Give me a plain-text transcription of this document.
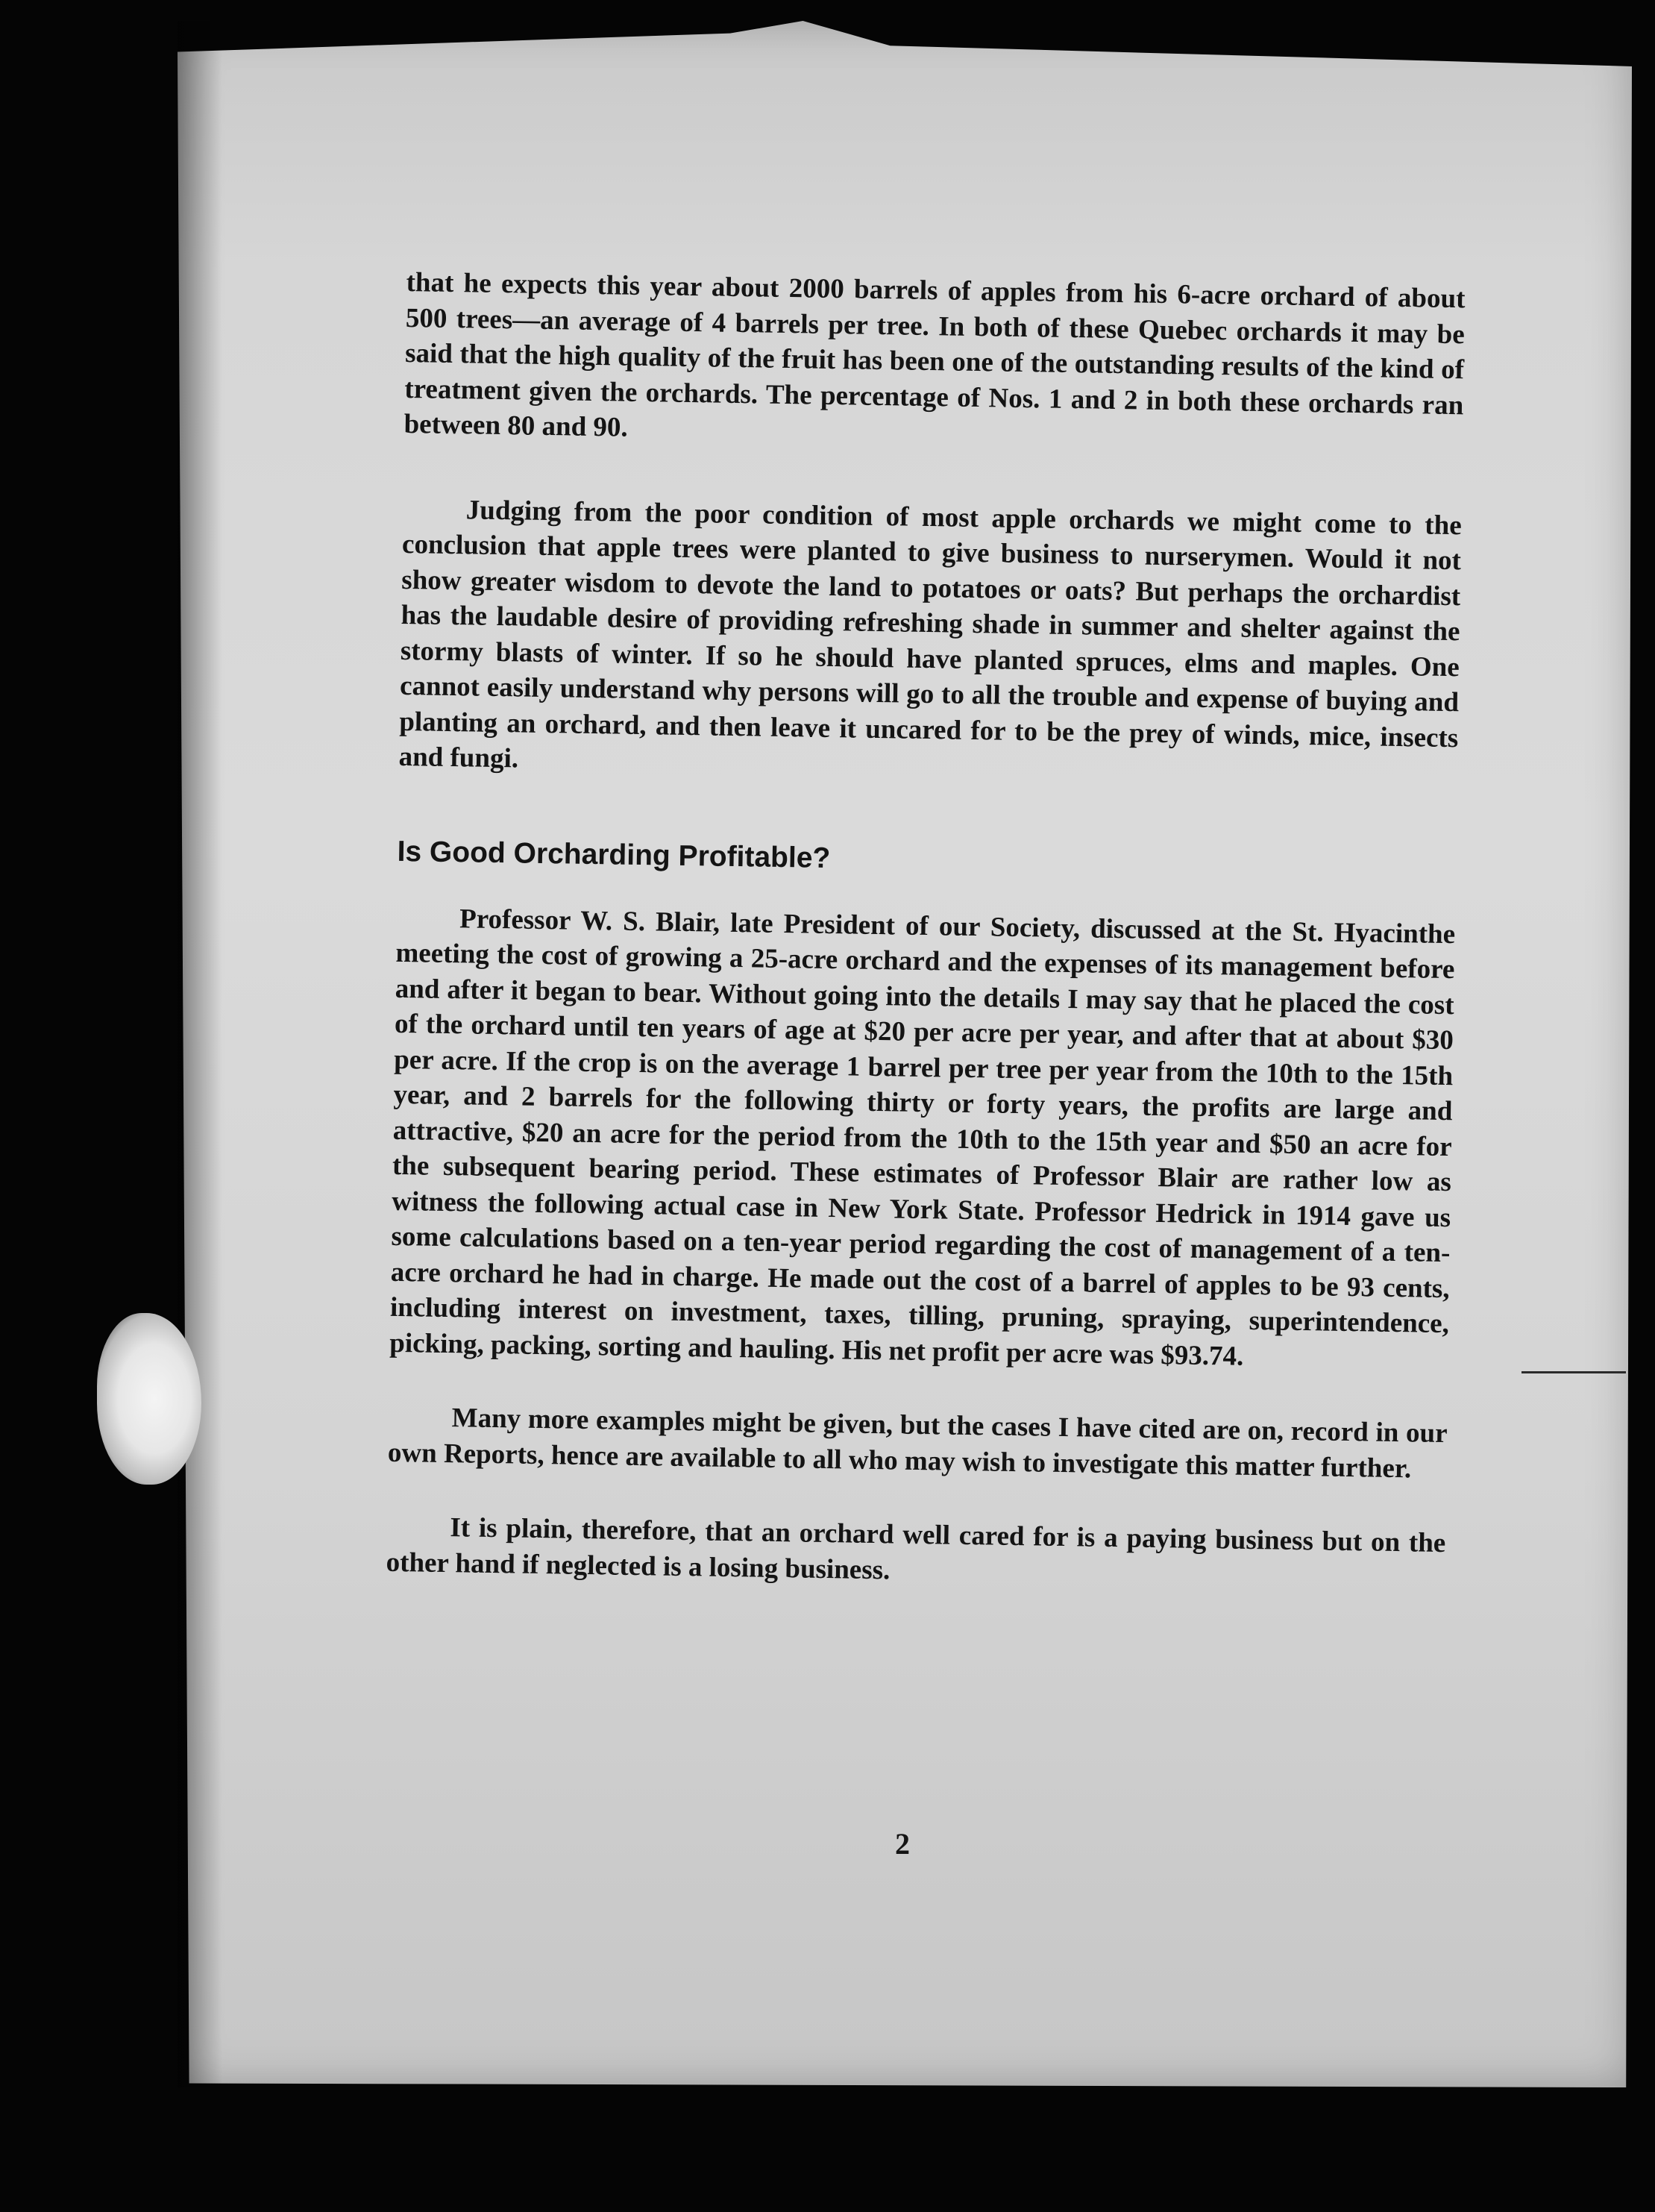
that he expects this year about 2000 barrels of apples from his 6-acre orchard of about 500 trees—an average of 4 barrels per tree. In both of these Quebec orchards it may be said that the high quality of the fruit has been one of the outstanding results of the kind of treatment given the orchards. The percentage of Nos. 1 and 2 in both these orchards ran between 80 and 90.

Judging from the poor condition of most apple orchards we might come to the conclusion that apple trees were planted to give business to nurserymen. Would it not show greater wisdom to devote the land to potatoes or oats? But perhaps the orchardist has the laudable desire of providing refreshing shade in summer and shelter against the stormy blasts of winter. If so he should have planted spruces, elms and maples. One cannot easily understand why persons will go to all the trouble and expense of buying and planting an orchard, and then leave it uncared for to be the prey of winds, mice, insects and fungi.

Is Good Orcharding Profitable?

Professor W. S. Blair, late President of our Society, discussed at the St. Hyacinthe meeting the cost of growing a 25-acre orchard and the expenses of its management before and after it began to bear. Without going into the details I may say that he placed the cost of the orchard until ten years of age at $20 per acre per year, and after that at about $30 per acre. If the crop is on the average 1 barrel per tree per year from the 10th to the 15th year, and 2 barrels for the following thirty or forty years, the profits are large and attractive, $20 an acre for the period from the 10th to the 15th year and $50 an acre for the subsequent bearing period. These estimates of Professor Blair are rather low as witness the following actual case in New York State. Professor Hedrick in 1914 gave us some calculations based on a ten-year period regarding the cost of management of a ten-acre orchard he had in charge. He made out the cost of a barrel of apples to be 93 cents, including interest on investment, taxes, tilling, pruning, spraying, superintendence, picking, packing, sorting and hauling. His net profit per acre was $93.74.

Many more examples might be given, but the cases I have cited are on, record in our own Reports, hence are available to all who may wish to investigate this matter further.

It is plain, therefore, that an orchard well cared for is a paying business but on the other hand if neglected is a losing business.

2
